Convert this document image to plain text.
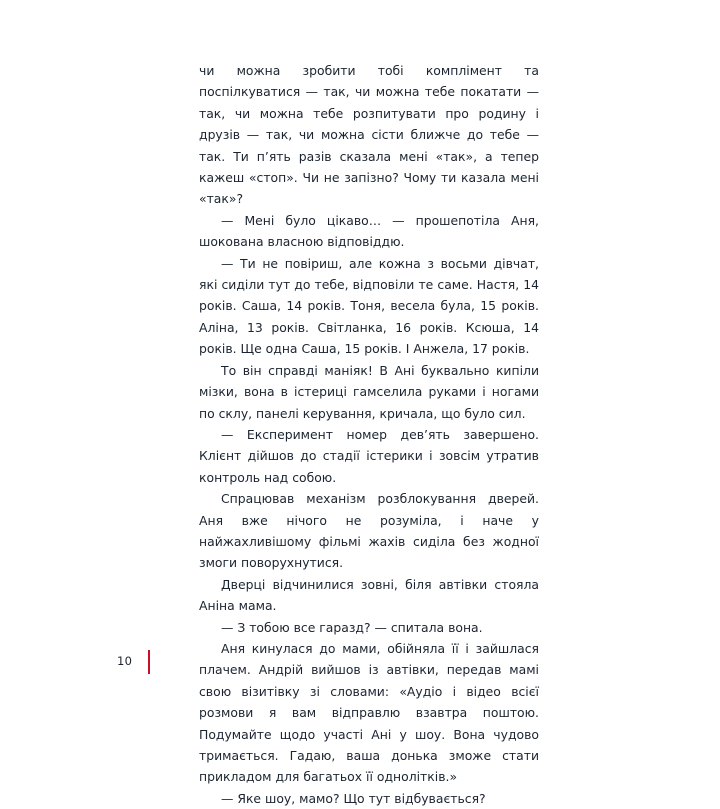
чи можна зробити тобі комплімент та поспілкуватися — так, чи можна тебе покатати — так, чи можна тебе розпитувати про родину і друзів — так, чи можна сісти ближче до тебе — так. Ти п’ять разів сказала мені «так», а тепер кажеш «стоп». Чи не запізно? Чому ти казала мені «так»?

— Мені було цікаво… — прошепотіла Аня, шокована власною відповіддю.

— Ти не повіриш, але кожна з восьми дівчат, які сиділи тут до тебе, відповіли те саме. Настя, 14 років. Саша, 14 років. Тоня, весела була, 15 років. Аліна, 13 років. Світланка, 16 років. Ксюша, 14 років. Ще одна Саша, 15 років. І Анжела, 17 років.

То він справді маніяк! В Ані буквально кипіли мізки, вона в істериці гамселила руками і ногами по склу, панелі керування, кричала, що було сил.

— Експеримент номер дев’ять завершено. Клієнт дійшов до стадії істерики і зовсім утратив контроль над собою.

Спрацював механізм розблокування дверей. Аня вже нічого не розуміла, і наче у найжахливішому фільмі жахів сиділа без жодної змоги поворухнутися.

Дверці відчинилися зовні, біля автівки стояла Аніна мама.

— З тобою все гаразд? — спитала вона.

Аня кинулася до мами, обійняла її і зайшлася плачем. Андрій вийшов із автівки, передав мамі свою візитівку зі словами: «Аудіо і відео всієї розмови я вам відправлю взавтра поштою. Подумайте щодо участі Ані у шоу. Вона чудово тримається. Гадаю, ваша донька зможе стати прикладом для багатьох її однолітків.»

— Яке шоу, мамо? Що тут відбувається?

10
